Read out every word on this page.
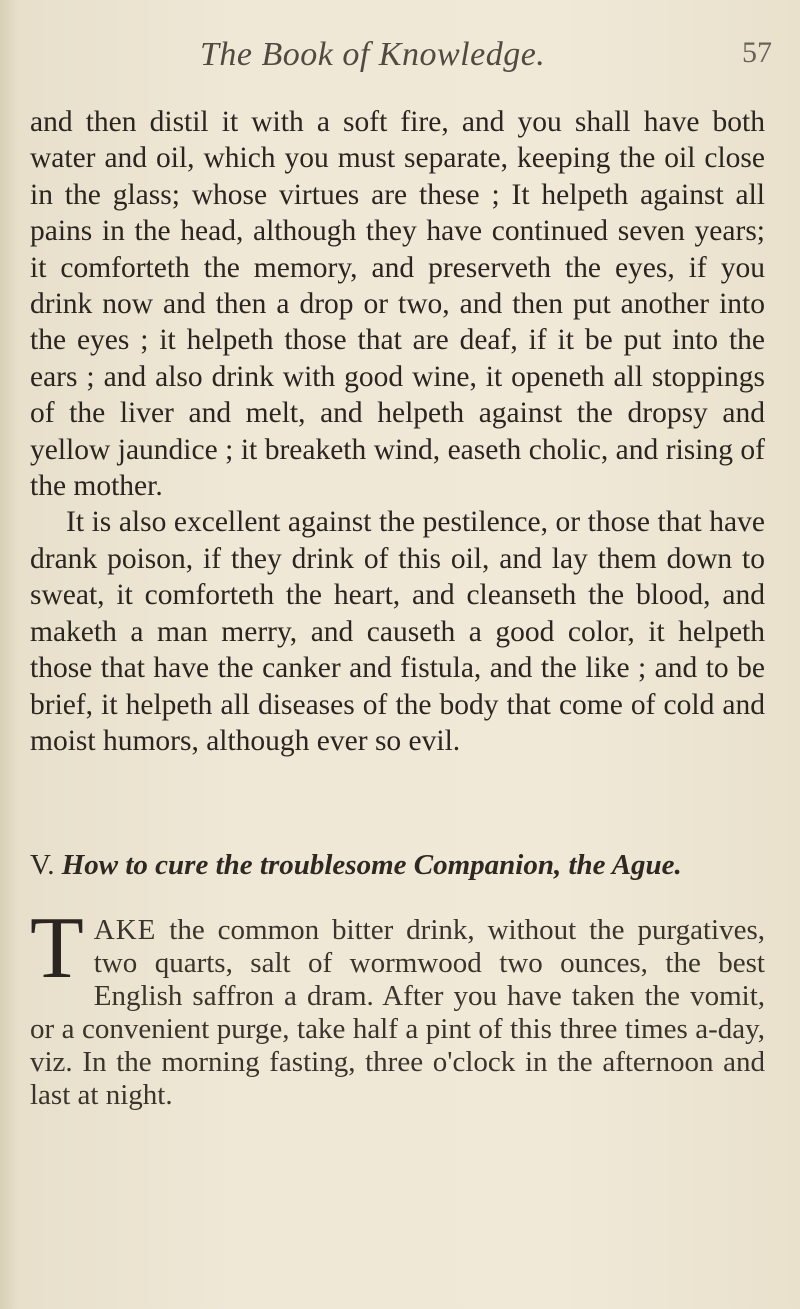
The Book of Knowledge.	57

and then distil it with a soft fire, and you shall have both water and oil, which you must separate, keeping the oil close in the glass; whose virtues are these ; It helpeth against all pains in the head, although they have continued seven years; it comforteth the memory, and preserveth the eyes, if you drink now and then a drop or two, and then put another into the eyes ; it helpeth those that are deaf, if it be put into the ears ; and also drink with good wine, it openeth all stoppings of the liver and melt, and helpeth against the dropsy and yellow jaundice ; it breaketh wind, easeth cholic, and rising of the mother.

It is also excellent against the pestilence, or those that have drank poison, if they drink of this oil, and lay them down to sweat, it comforteth the heart, and cleanseth the blood, and maketh a man merry, and causeth a good color, it helpeth those that have the canker and fistula, and the like ; and to be brief, it helpeth all diseases of the body that come of cold and moist humors, although ever so evil.

V. How to cure the troublesome Companion, the Ague.

TAKE the common bitter drink, without the purgatives, two quarts, salt of wormwood two ounces, the best English saffron a dram. After you have taken the vomit, or a convenient purge, take half a pint of this three times a-day, viz. In the morning fasting, three o'clock in the afternoon and last at night.
